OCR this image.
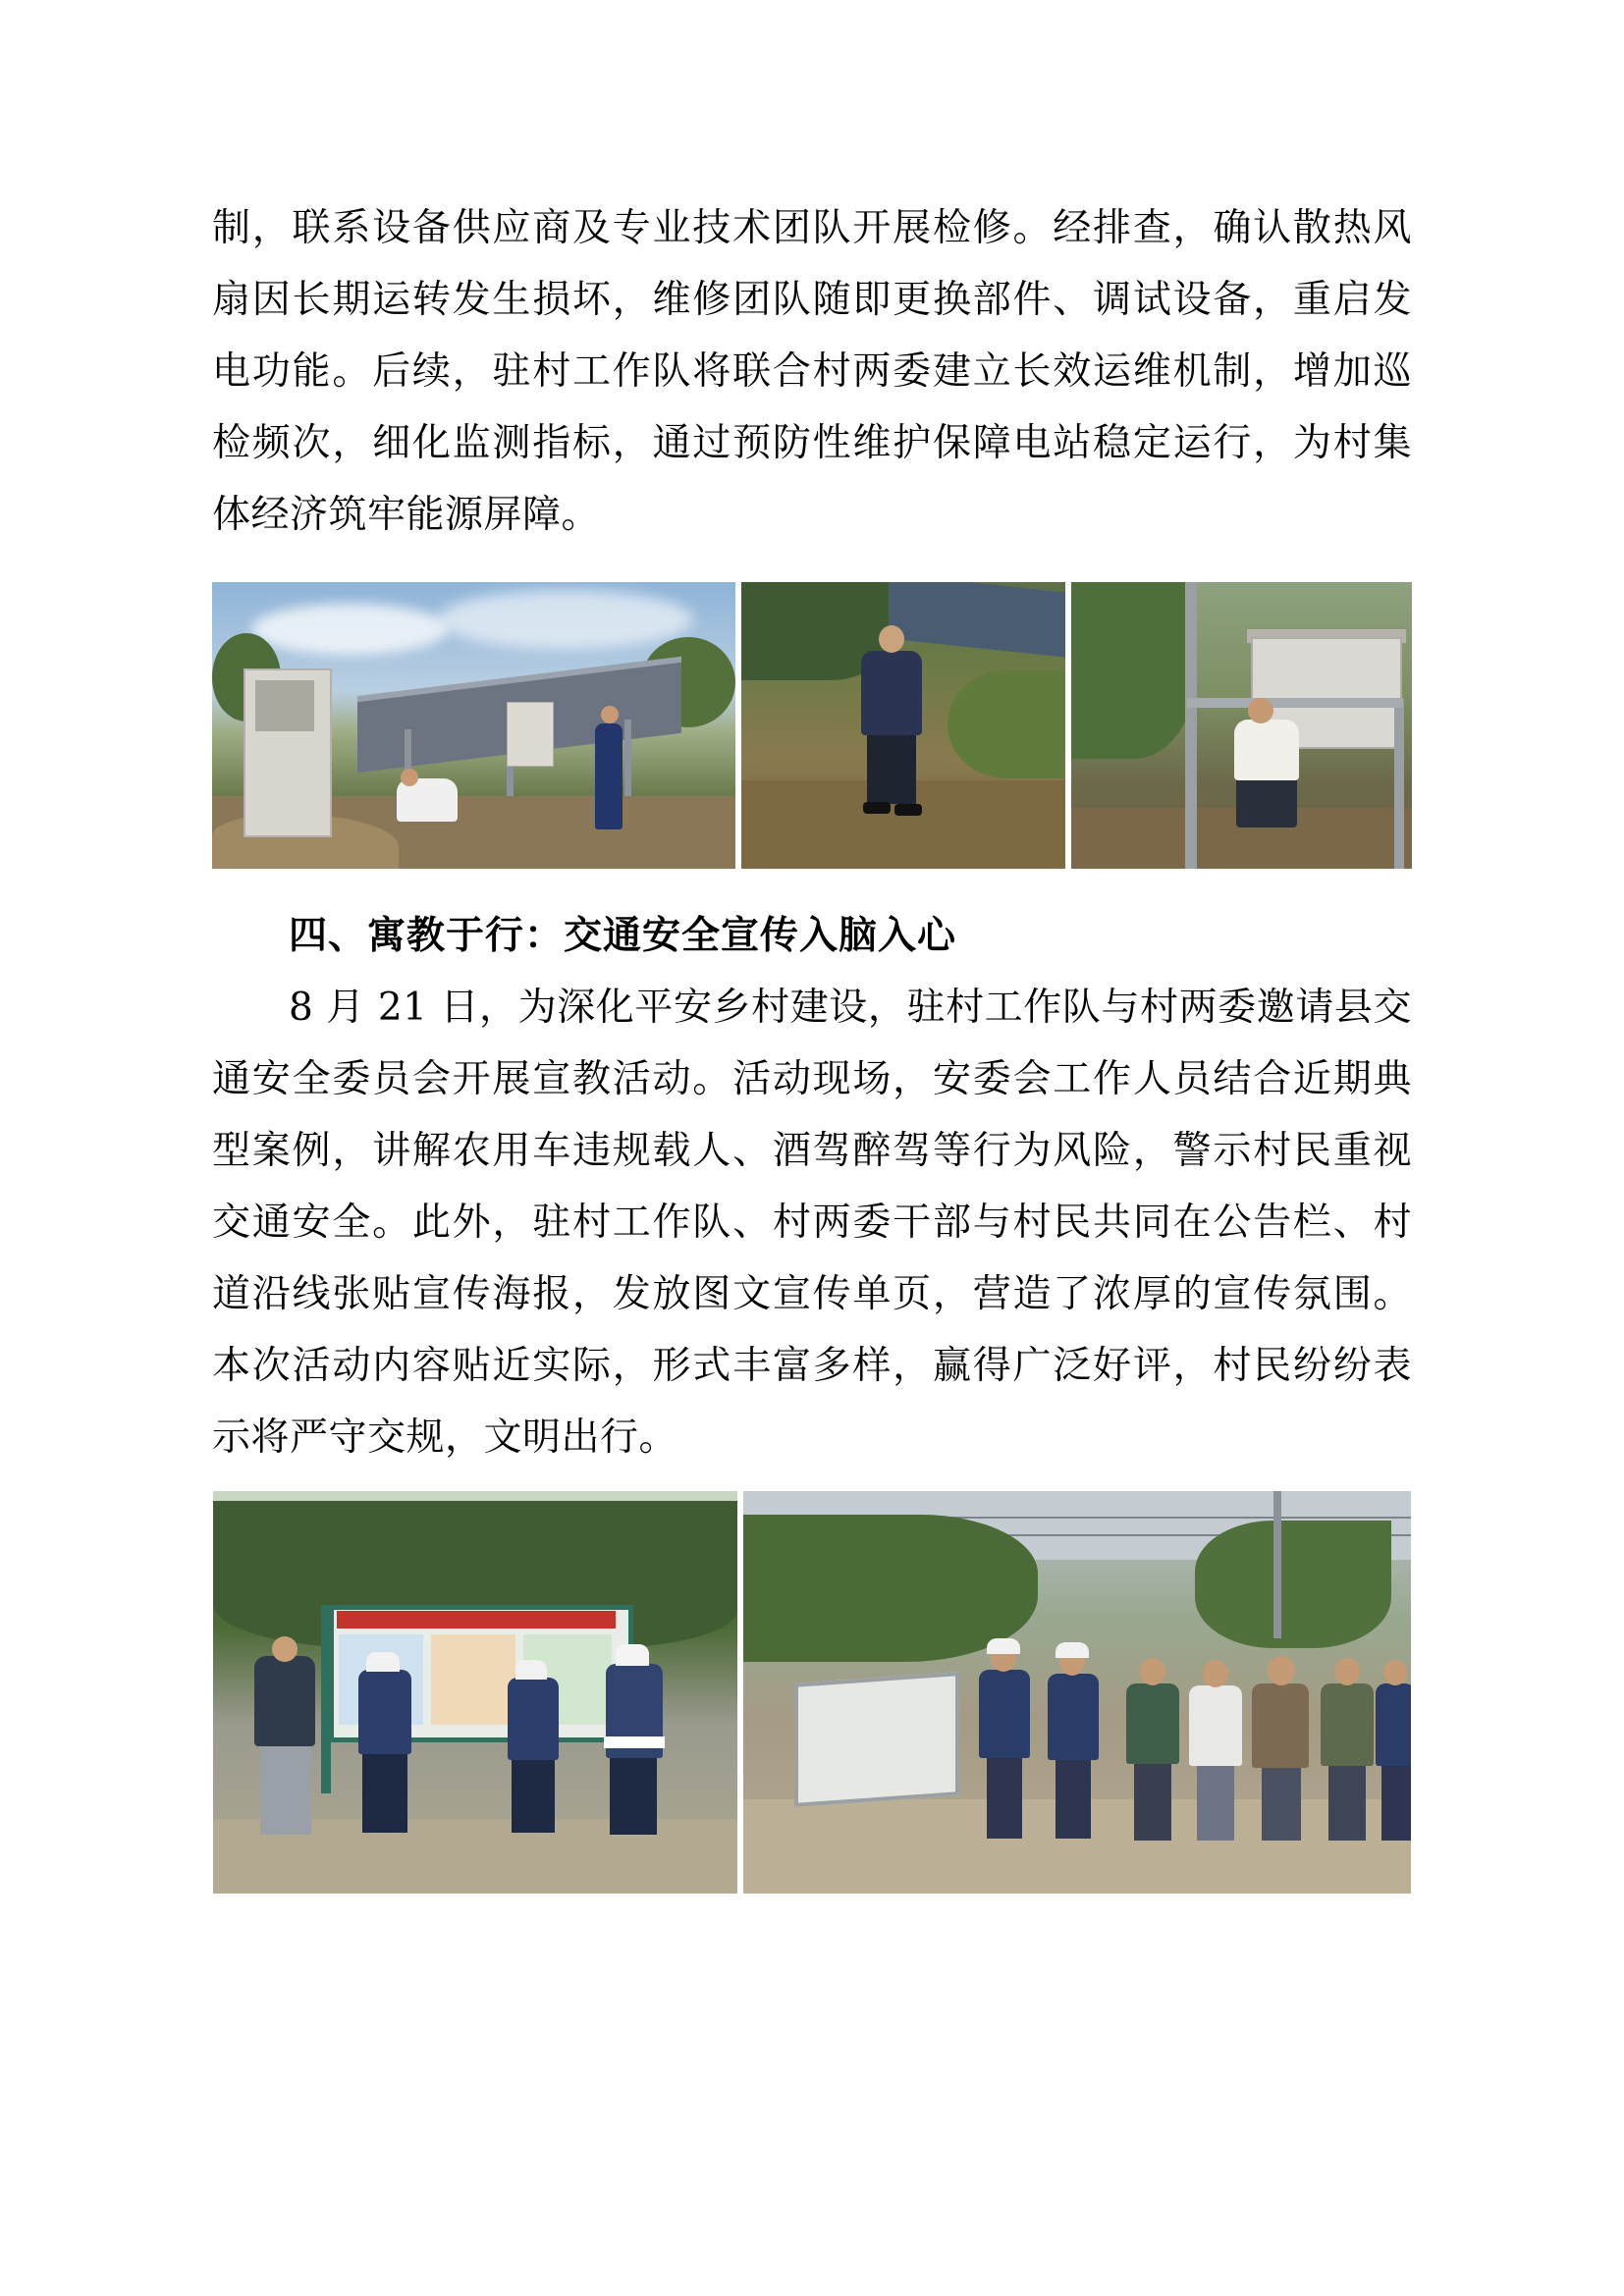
制，联系设备供应商及专业技术团队开展检修。经排查，确认散热风扇因长期运转发生损坏，维修团队随即更换部件、调试设备，重启发电功能。后续，驻村工作队将联合村两委建立长效运维机制，增加巡检频次，细化监测指标，通过预防性维护保障电站稳定运行，为村集体经济筑牢能源屏障。

四、寓教于行：交通安全宣传入脑入心

8 月 21 日，为深化平安乡村建设，驻村工作队与村两委邀请县交通安全委员会开展宣教活动。活动现场，安委会工作人员结合近期典型案例，讲解农用车违规载人、酒驾醉驾等行为风险，警示村民重视交通安全。此外，驻村工作队、村两委干部与村民共同在公告栏、村道沿线张贴宣传海报，发放图文宣传单页，营造了浓厚的宣传氛围。本次活动内容贴近实际，形式丰富多样，赢得广泛好评，村民纷纷表示将严守交规，文明出行。
